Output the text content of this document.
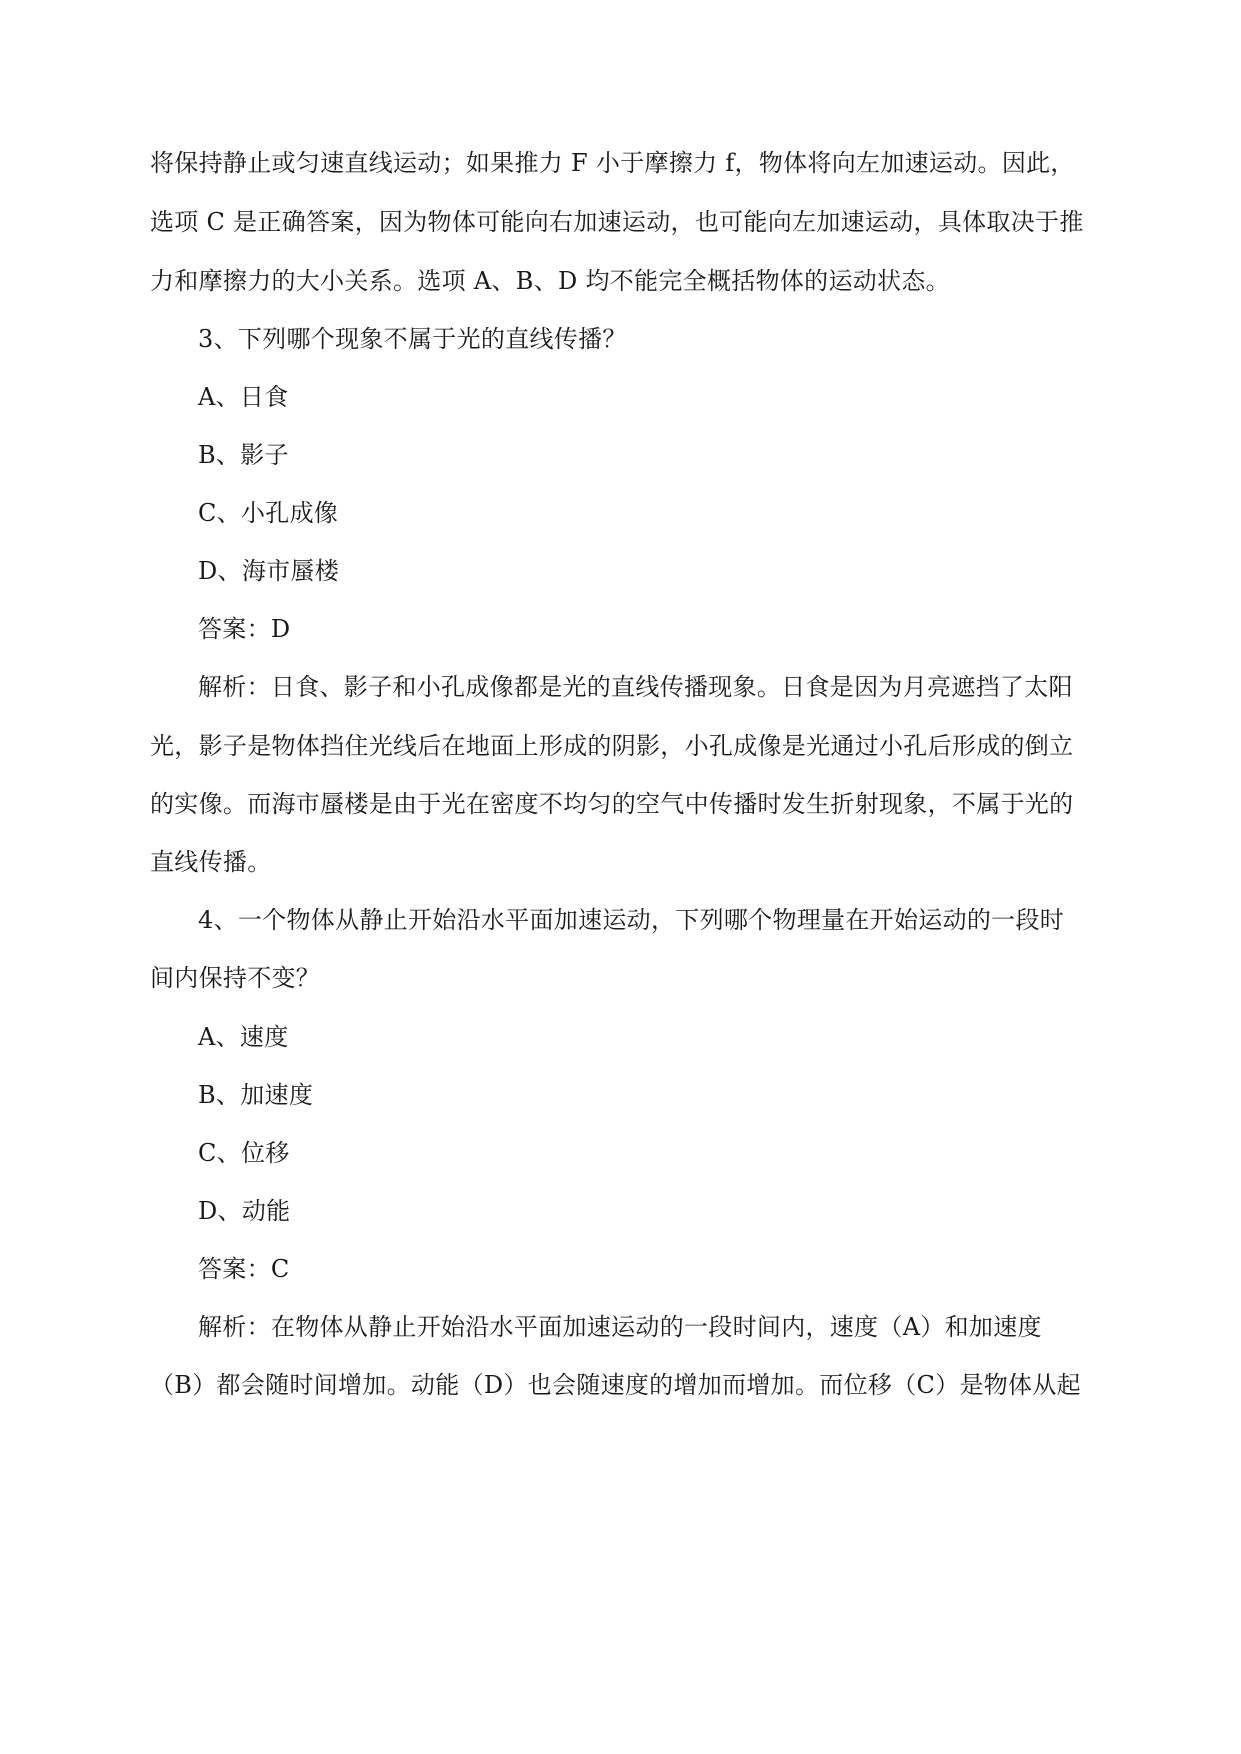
将保持静止或匀速直线运动；如果推力 F 小于摩擦力 f，物体将向左加速运动。因此，
选项 C 是正确答案，因为物体可能向右加速运动，也可能向左加速运动，具体取决于推
力和摩擦力的大小关系。选项 A、B、D 均不能完全概括物体的运动状态。
3、下列哪个现象不属于光的直线传播？
A、日食
B、影子
C、小孔成像
D、海市蜃楼
答案：D
解析：日食、影子和小孔成像都是光的直线传播现象。日食是因为月亮遮挡了太阳
光，影子是物体挡住光线后在地面上形成的阴影，小孔成像是光通过小孔后形成的倒立
的实像。而海市蜃楼是由于光在密度不均匀的空气中传播时发生折射现象，不属于光的
直线传播。
4、一个物体从静止开始沿水平面加速运动，下列哪个物理量在开始运动的一段时
间内保持不变？
A、速度
B、加速度
C、位移
D、动能
答案：C
解析：在物体从静止开始沿水平面加速运动的一段时间内，速度（A）和加速度
（B）都会随时间增加。动能（D）也会随速度的增加而增加。而位移（C）是物体从起
